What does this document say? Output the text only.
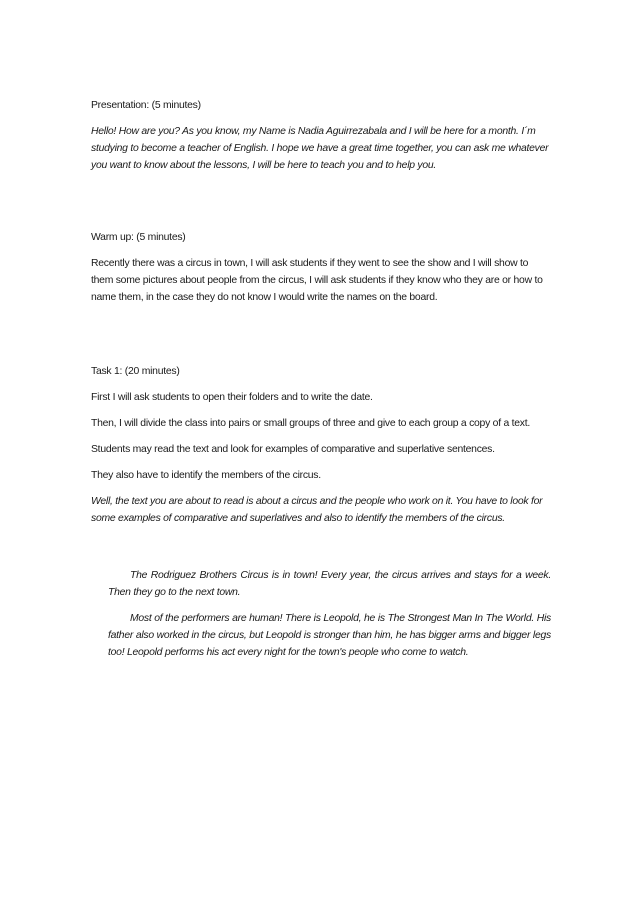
Presentation: (5 minutes)

Hello! How are you? As you know, my Name is Nadia Aguirrezabala and I will be here for a month. I´m studying to become a teacher of English. I hope we have a great time together, you can ask me whatever you want to know about the lessons, I will be here to teach you and to help you.

Warm up: (5 minutes)

Recently there was a circus in town, I will ask students if they went to see the show and I will show to them some pictures about people from the circus, I will ask students if they know who they are or how to name them, in the case they do not know I would write the names on the board.

Task 1: (20 minutes)

First I will ask students to open their folders and to write the date.

Then, I will divide the class into pairs or small groups of three and give to each group a copy of a text.

Students may read the text and look for examples of comparative and superlative sentences.

They also have to identify the members of the circus.

Well, the text you are about to read is about a circus and the people who work on it. You have to look for some examples of comparative and superlatives and also to identify the members of the circus.

The Rodriguez Brothers Circus is in town! Every year, the circus arrives and stays for a week. Then they go to the next town.

Most of the performers are human! There is Leopold, he is The Strongest Man In The World. His father also worked in the circus, but Leopold is stronger than him, he has bigger arms and bigger legs too! Leopold performs his act every night for the town's people who come to watch.
